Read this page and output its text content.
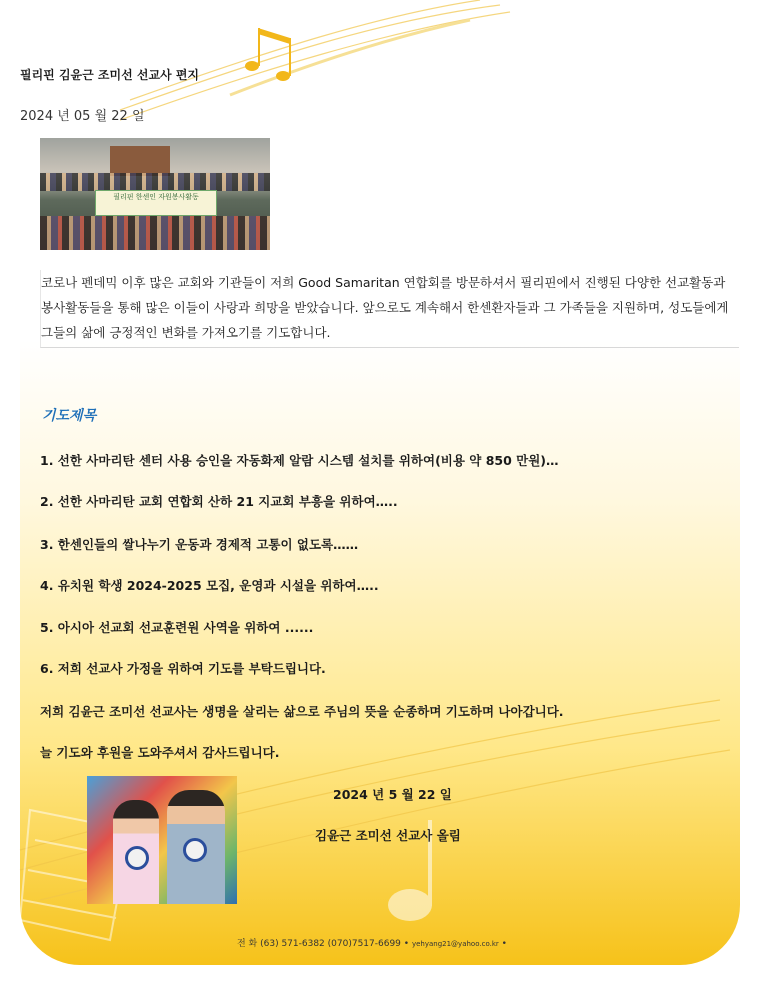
필리핀 김윤근 조미선 선교사 편지
2024 년 05 월 22 일
필리핀 한센인 자원봉사활동
코로나 펜데믹 이후 많은 교회와 기관들이 저희 Good Samaritan 연합회를 방문하셔서 필리핀에서 진행된 다양한 선교활동과 봉사활동들을 통해 많은 이들이 사랑과 희망을 받았습니다. 앞으로도 계속해서 한센환자들과 그 가족들을 지원하며, 성도들에게그들의 삶에 긍정적인 변화를 가져오기를 기도합니다.
기도제목
1. 선한 사마리탄 센터 사용 승인을 자동화제 알람 시스템 설치를 위하여(비용 약 850 만원)…
2. 선한 사마리탄 교회 연합회 산하 21 지교회 부흥을 위하여…..
3. 한센인들의 쌀나누기 운동과 경제적 고통이 없도록……
4. 유치원 학생 2024-2025 모집, 운영과 시설을 위하여…..
5. 아시아 선교회 선교훈련원 사역을 위하여 ......
6. 저희 선교사 가정을 위하여 기도를 부탁드립니다.
저희 김윤근 조미선 선교사는 생명을 살리는 삶으로 주님의 뜻을 순종하며 기도하며 나아갑니다.
늘 기도와 후원을 도와주셔서 감사드립니다.
2024 년 5 월 22 일
김윤근 조미선 선교사 올림
전 화 (63) 571-6382 (070)7517-6699 • yehyang21@yahoo.co.kr •
